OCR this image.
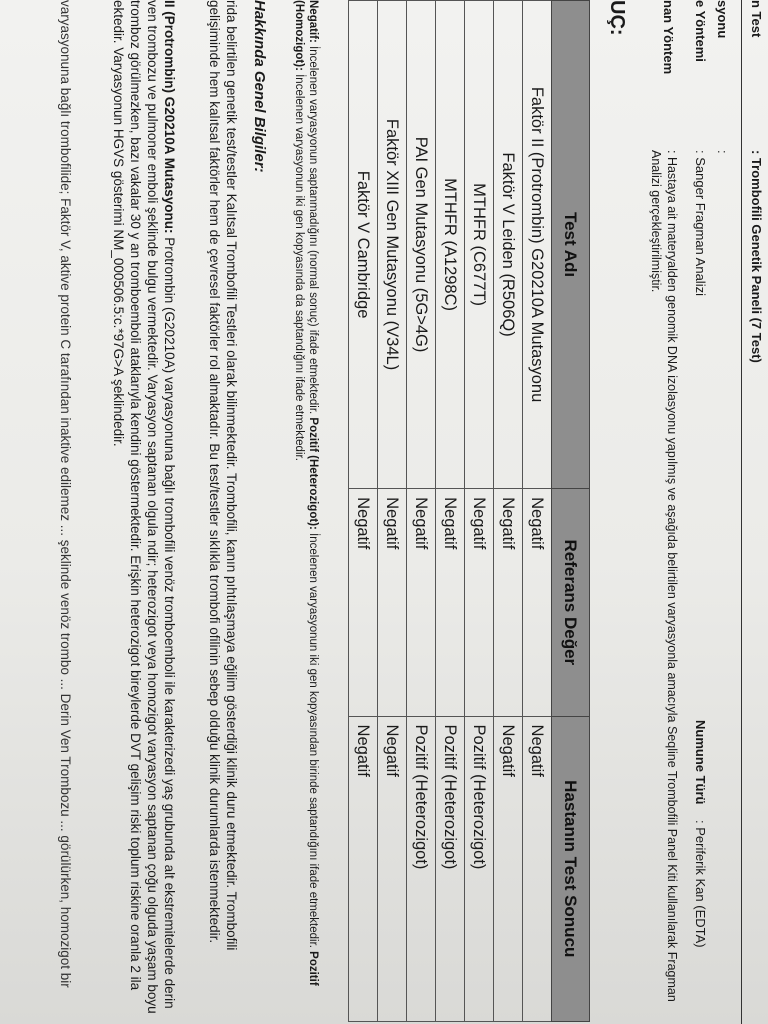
n Test
: Trombofili Genetik Paneli (7 Test)
syonu
:
e Yöntemi
: Sanger Fragman Analizi
Numune Türü
: Periferik Kan (EDTA)
nan Yöntem
: Hastaya ait materyalden genomik DNA izolasyonu yapılmış ve aşağıda belirtilen varyasyonla amacıyla Seqline Trombofili Panel Kiti kullanılarak Fragman Analizi gerçekleştirilmiştir.
UÇ:
Test Adı	Referans Değer	Hastanın Test Sonucu
Faktör II (Protrombin) G20210A Mutasyonu	Negatif	Negatif
Faktör V Leiden (R506Q)	Negatif	Negatif
MTHFR (C677T)	Negatif	Pozitif (Heterozigot)
MTHFR (A1298C)	Negatif	Pozitif (Heterozigot)
PAI Gen Mutasyonu (5G>4G)	Negatif	Pozitif (Heterozigot)
Faktör XIII Gen Mutasyonu (V34L)	Negatif	Negatif
Faktör V Cambridge	Negatif	Negatif
Negatif: İncelenen varyasyonun saptanmadığını (normal sonuç) ifade etmektedir. Pozitif (Heterozigot): İncelenen varyasyonun iki gen kopyasından birinde saptandığını ifade etmektedir. Pozitif (Homozigot): İncelenen varyasyonun iki gen kopyasında da saptandığını ifade etmektedir.
Hakkında Genel Bilgiler:
rida belirtilen genetik test/testler Kalıtsal Trombofili Testleri olarak bilinmektedir. Trombofili, kanın pıhtılaşmaya eğilim gösterdiği klinik duru etmektedir. Trombofili gelişiminde hem kalıtsal faktörler hem de çevresel faktörler rol almaktadır. Bu test/testler sıklıkla trombofi ofilinin sebep olduğu klinik durumlarda istenmektedir.
II (Protrombin) G20210A Mutasyonu: Protrombin (G20210A) varyasyonuna bağlı trombofili venöz tromboemboli ile karakterizedi yaş grubunda alt ekstremitelerde derin ven trombozu ve pulmoner emboli şeklinde bulgu vermektedir. Varyasyon saptanan olgula ndir; heterozigot veya homozigot varyasyon saptanan çoğu olguda yaşam boyu tromboz görülmezken, bazı vakalar 30 y an tromboemboli ataklarıyla kendini göstermektedir. Erişkin heterozigot bireylerde DVT gelişim riski toplum riskine oranla 2 ila ektedir. Varyasyonun HGVS gösterimi NM_000506.5:c.*97G>A şeklindedir.
varyasyonuna bağlı trombofilide; Faktör V, aktive protein C tarafından inaktive edilemez ... şeklinde venöz trombo ... Derin Ven Trombozu ... görülürken, homozigot bir
